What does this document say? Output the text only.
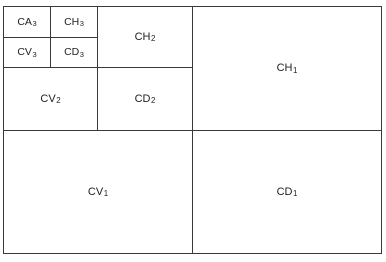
$CV_1$	$CD_1$
$CH_1$
$CV_2$	$CD_2$
$CH_2$
$CA_3$	$CH_3$
$CV_3$	$CD_3$
